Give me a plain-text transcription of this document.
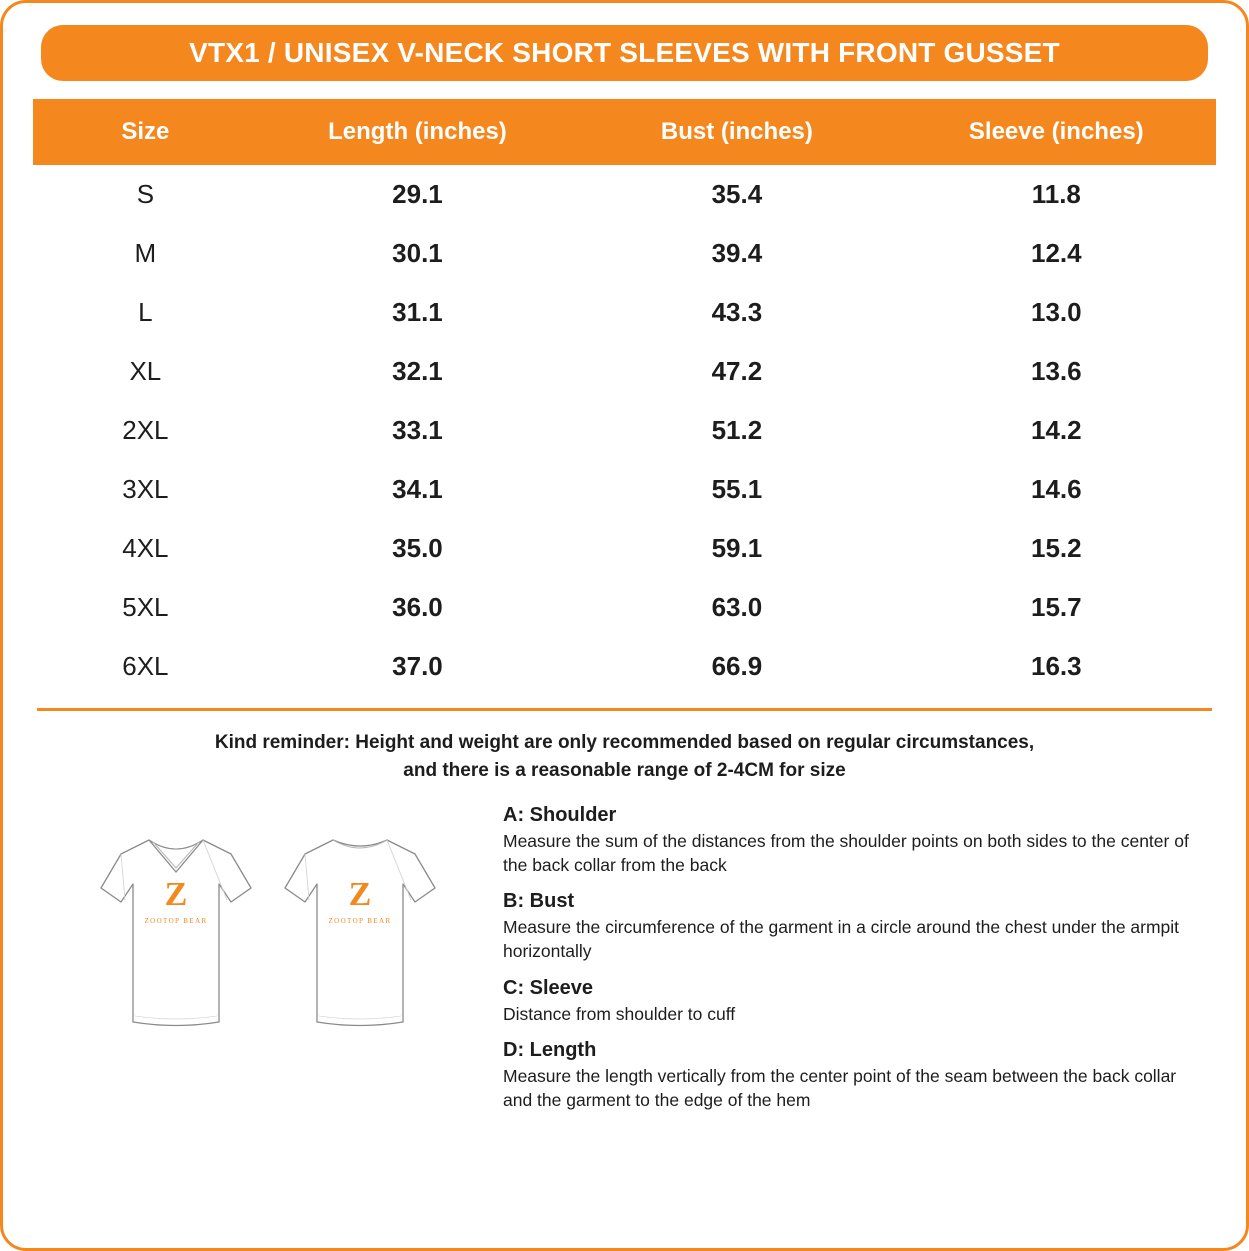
VTX1 / UNISEX V-NECK SHORT SLEEVES WITH FRONT GUSSET
Size	Length (inches)	Bust (inches)	Sleeve (inches)
S	29.1	35.4	11.8
M	30.1	39.4	12.4
L	31.1	43.3	13.0
XL	32.1	47.2	13.6
2XL	33.1	51.2	14.2
3XL	34.1	55.1	14.6
4XL	35.0	59.1	15.2
5XL	36.0	63.0	15.7
6XL	37.0	66.9	16.3
Kind reminder: Height and weight are only recommended based on regular circumstances,
and there is a reasonable range of 2-4CM for size
Z
ZOOTOP BEAR
Z
ZOOTOP BEAR
A: Shoulder

Measure the sum of the distances from the shoulder points on both sides to the center of the back collar from the back

B: Bust

Measure the circumference of the garment in a circle around the chest under the armpit horizontally

C: Sleeve

Distance from shoulder to cuff

D: Length

Measure the length vertically from the center point of the seam between the back collar and the garment to the edge of the hem
